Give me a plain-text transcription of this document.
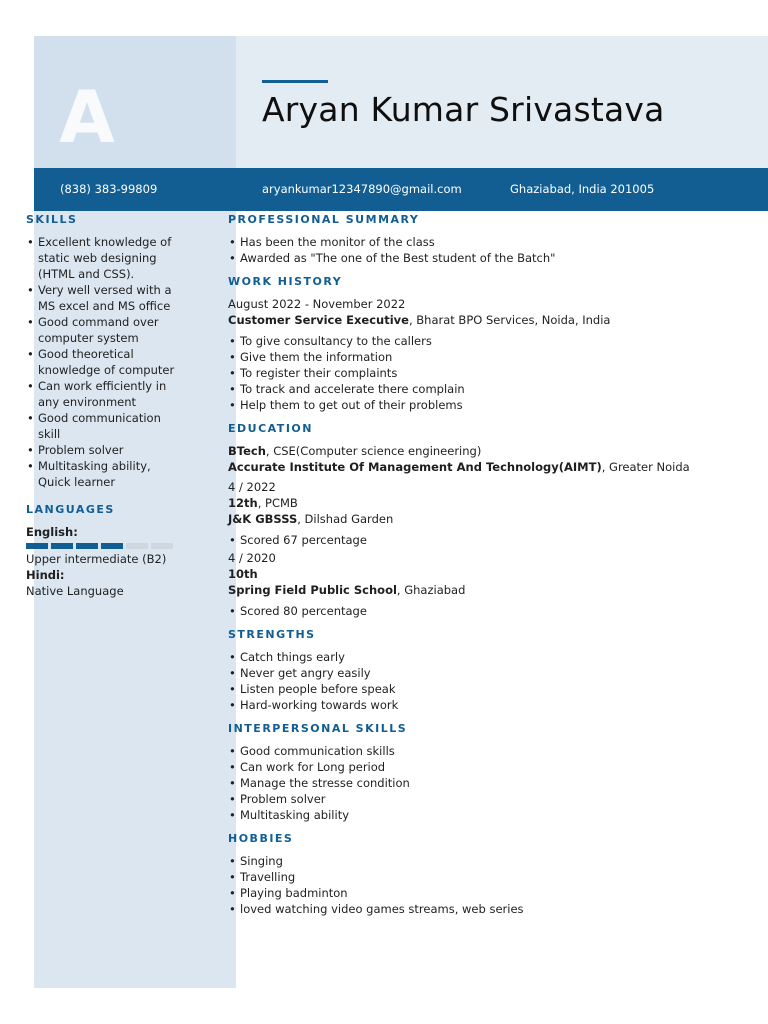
A	Aryan Kumar Srivastava
(838) 383-99809	aryankumar12347890@gmail.com	Ghaziabad, India 201005
SKILLS
• Excellent knowledge of static web designing (HTML and CSS).
• Very well versed with a MS excel and MS office
• Good command over computer system
• Good theoretical knowledge of computer
• Can work efficiently in any environment
• Good communication skill
• Problem solver
• Multitasking ability, Quick learner
LANGUAGES
English:
Upper intermediate (B2)
Hindi:
Native Language
PROFESSIONAL SUMMARY
• Has been the monitor of the class
• Awarded as "The one of the Best student of the Batch"
WORK HISTORY
August 2022 - November 2022
Customer Service Executive, Bharat BPO Services, Noida, India
• To give consultancy to the callers
• Give them the information
• To register their complaints
• To track and accelerate there complain
• Help them to get out of their problems
EDUCATION
BTech, CSE(Computer science engineering)
Accurate Institute Of Management And Technology(AIMT), Greater Noida
4 / 2022
12th, PCMB
J&K GBSSS, Dilshad Garden
• Scored 67 percentage
4 / 2020
10th
Spring Field Public School, Ghaziabad
• Scored 80 percentage
STRENGTHS
• Catch things early
• Never get angry easily
• Listen people before speak
• Hard-working towards work
INTERPERSONAL SKILLS
• Good communication skills
• Can work for Long period
• Manage the stresse condition
• Problem solver
• Multitasking ability
HOBBIES
• Singing
• Travelling
• Playing badminton
• loved watching video games streams, web series
